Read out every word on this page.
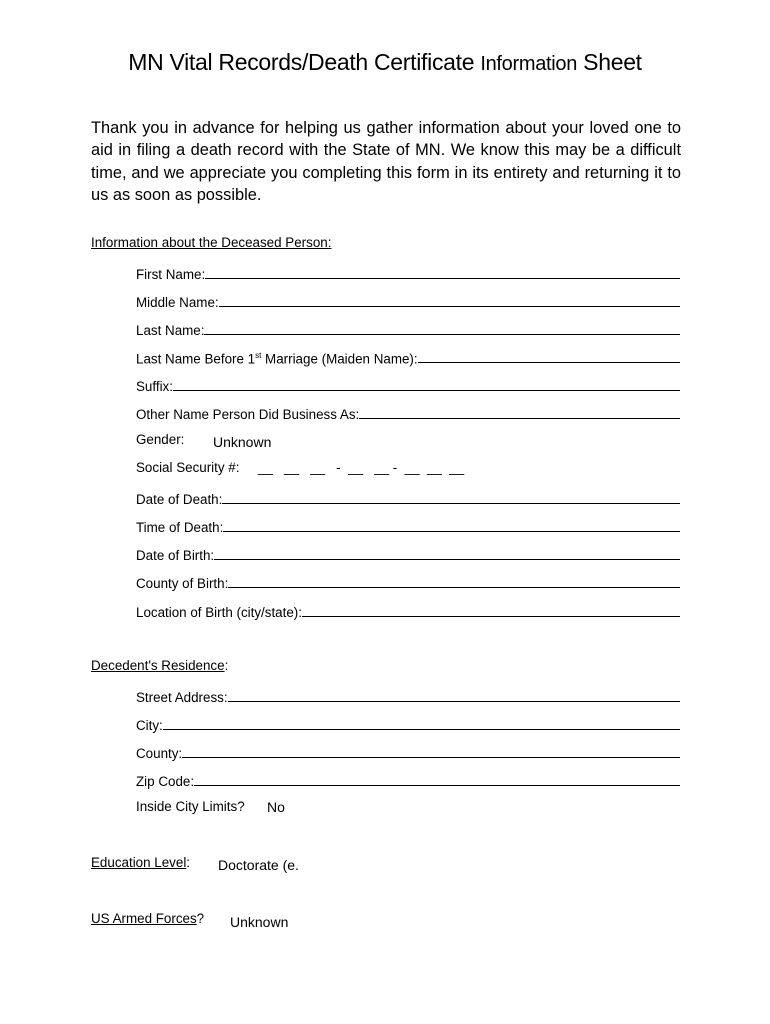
MN Vital Records/Death Certificate Information Sheet
Thank you in advance for helping us gather information about your loved one to aid in filing a death record with the State of MN. We know this may be a difficult time, and we appreciate you completing this form in its entirety and returning it to us as soon as possible.
Information about the Deceased Person:
First Name:
Middle Name:
Last Name:
Last Name Before 1st Marriage (Maiden Name):
Suffix:
Other Name Person Did Business As:
Gender: Unknown
Social Security #: __   __   __   -  __   __ -  __  __  __
Date of Death:
Time of Death:
Date of Birth:
County of Birth:
Location of Birth (city/state):
Decedent's Residence:
Street Address:
City:
County:
Zip Code:
Inside City Limits? No
Education Level: Doctorate (e.
US Armed Forces? Unknown
